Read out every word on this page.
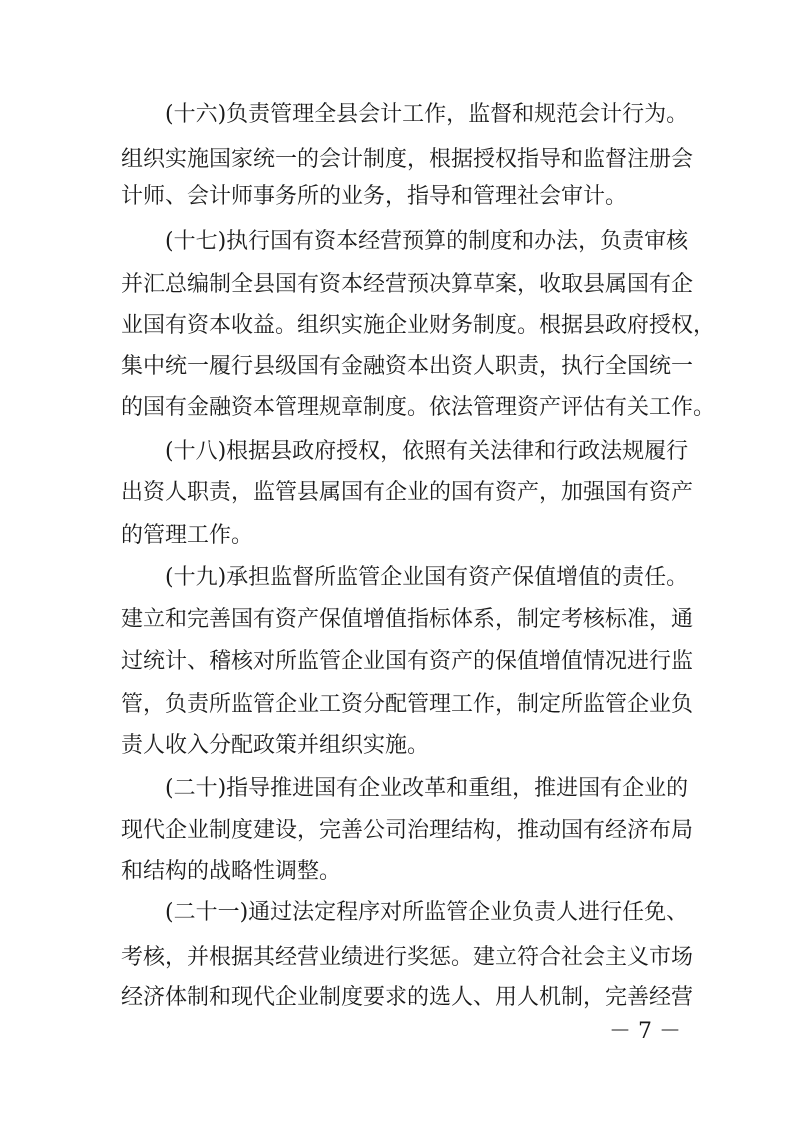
(十六)负责管理全县会计工作，监督和规范会计行为。
组织实施国家统一的会计制度，根据授权指导和监督注册会
计师、会计师事务所的业务，指导和管理社会审计。
(十七)执行国有资本经营预算的制度和办法，负责审核
并汇总编制全县国有资本经营预决算草案，收取县属国有企
业国有资本收益。组织实施企业财务制度。根据县政府授权，
集中统一履行县级国有金融资本出资人职责，执行全国统一
的国有金融资本管理规章制度。依法管理资产评估有关工作。
(十八)根据县政府授权，依照有关法律和行政法规履行
出资人职责，监管县属国有企业的国有资产，加强国有资产
的管理工作。
(十九)承担监督所监管企业国有资产保值增值的责任。
建立和完善国有资产保值增值指标体系，制定考核标准，通
过统计、稽核对所监管企业国有资产的保值增值情况进行监
管，负责所监管企业工资分配管理工作，制定所监管企业负
责人收入分配政策并组织实施。
(二十)指导推进国有企业改革和重组，推进国有企业的
现代企业制度建设，完善公司治理结构，推动国有经济布局
和结构的战略性调整。
(二十一)通过法定程序对所监管企业负责人进行任免、
考核，并根据其经营业绩进行奖惩。建立符合社会主义市场
经济体制和现代企业制度要求的选人、用人机制，完善经营
－ 7 －
